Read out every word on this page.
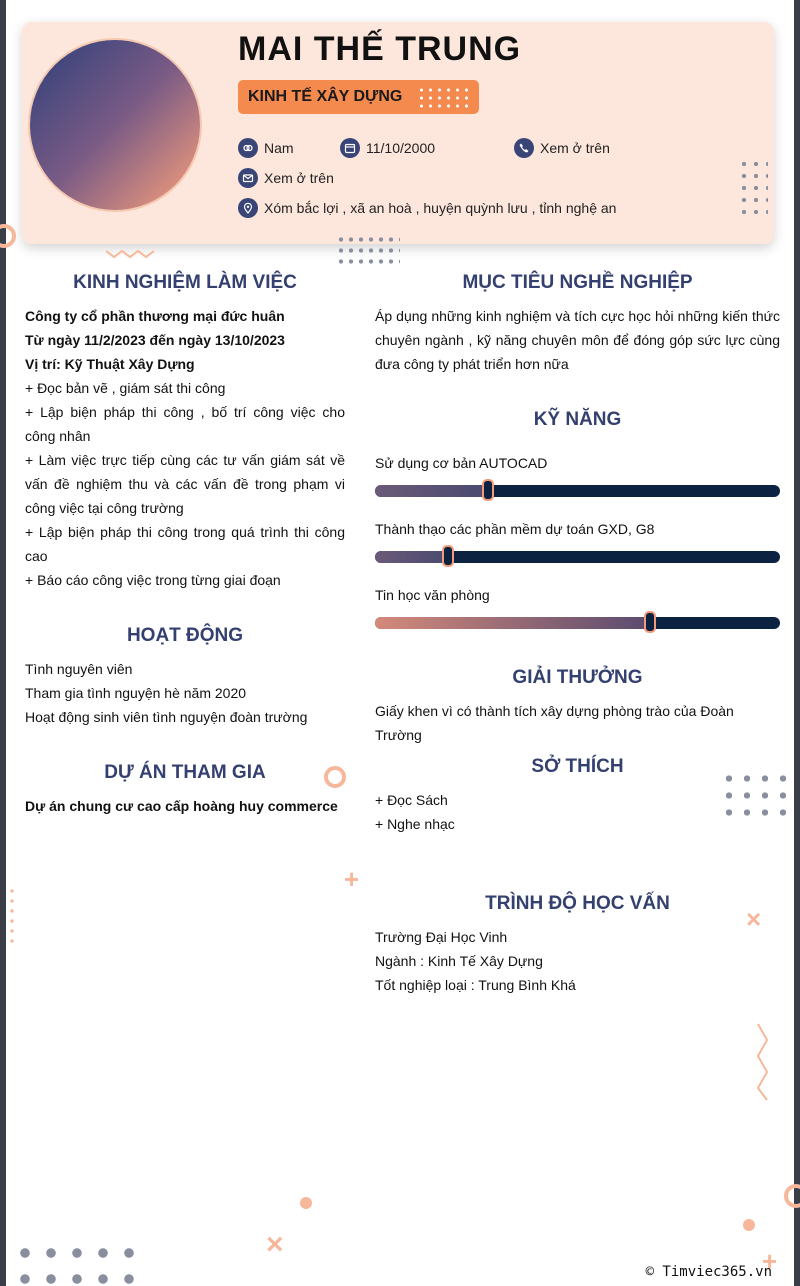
MAI THẾ TRUNG
KINH TẾ XÂY DỰNG
Nam	11/10/2000	Xem ở trên
Xem ở trên
Xóm bắc lợi , xã an hoà , huyện quỳnh lưu , tỉnh nghệ an
+
+
×
×
KINH NGHIỆM LÀM VIỆC
Công ty cổ phần thương mại đức huân
Từ ngày 11/2/2023 đến ngày 13/10/2023
Vị trí: Kỹ Thuật Xây Dựng
+ Đọc bản vẽ , giám sát thi công
+ Lập biện pháp thi công , bố trí công việc cho công nhân
+ Làm việc trực tiếp cùng các tư vấn giám sát về vấn đề nghiệm thu và các vấn đề trong phạm vi công việc tại công trường
+ Lập biện pháp thi công trong quá trình thi công cao
+ Báo cáo công việc trong từng giai đoạn
HOẠT ĐỘNG
Tình nguyên viên
Tham gia tình nguyện hè năm 2020
Hoạt động sinh viên tình nguyện đoàn trường
DỰ ÁN THAM GIA
Dự án chung cư cao cấp hoàng huy commerce
MỤC TIÊU NGHỀ NGHIỆP
Áp dụng những kinh nghiệm và tích cực học hỏi những kiến thức chuyên ngành , kỹ năng chuyên môn để đóng góp sức lực cùng đưa công ty phát triển hơn nữa
KỸ NĂNG
Sử dụng cơ bản AUTOCAD
Thành thạo các phần mềm dự toán GXD, G8
Tin học văn phòng
GIẢI THƯỞNG
Giấy khen vì có thành tích xây dựng phòng trào của Đoàn Trường
SỞ THÍCH
+ Đọc Sách
+ Nghe nhạc
TRÌNH ĐỘ HỌC VẤN
Trường Đại Học Vinh
Ngành : Kinh Tế Xây Dựng
Tốt nghiệp loại : Trung Bình Khá
© Timviec365.vn
